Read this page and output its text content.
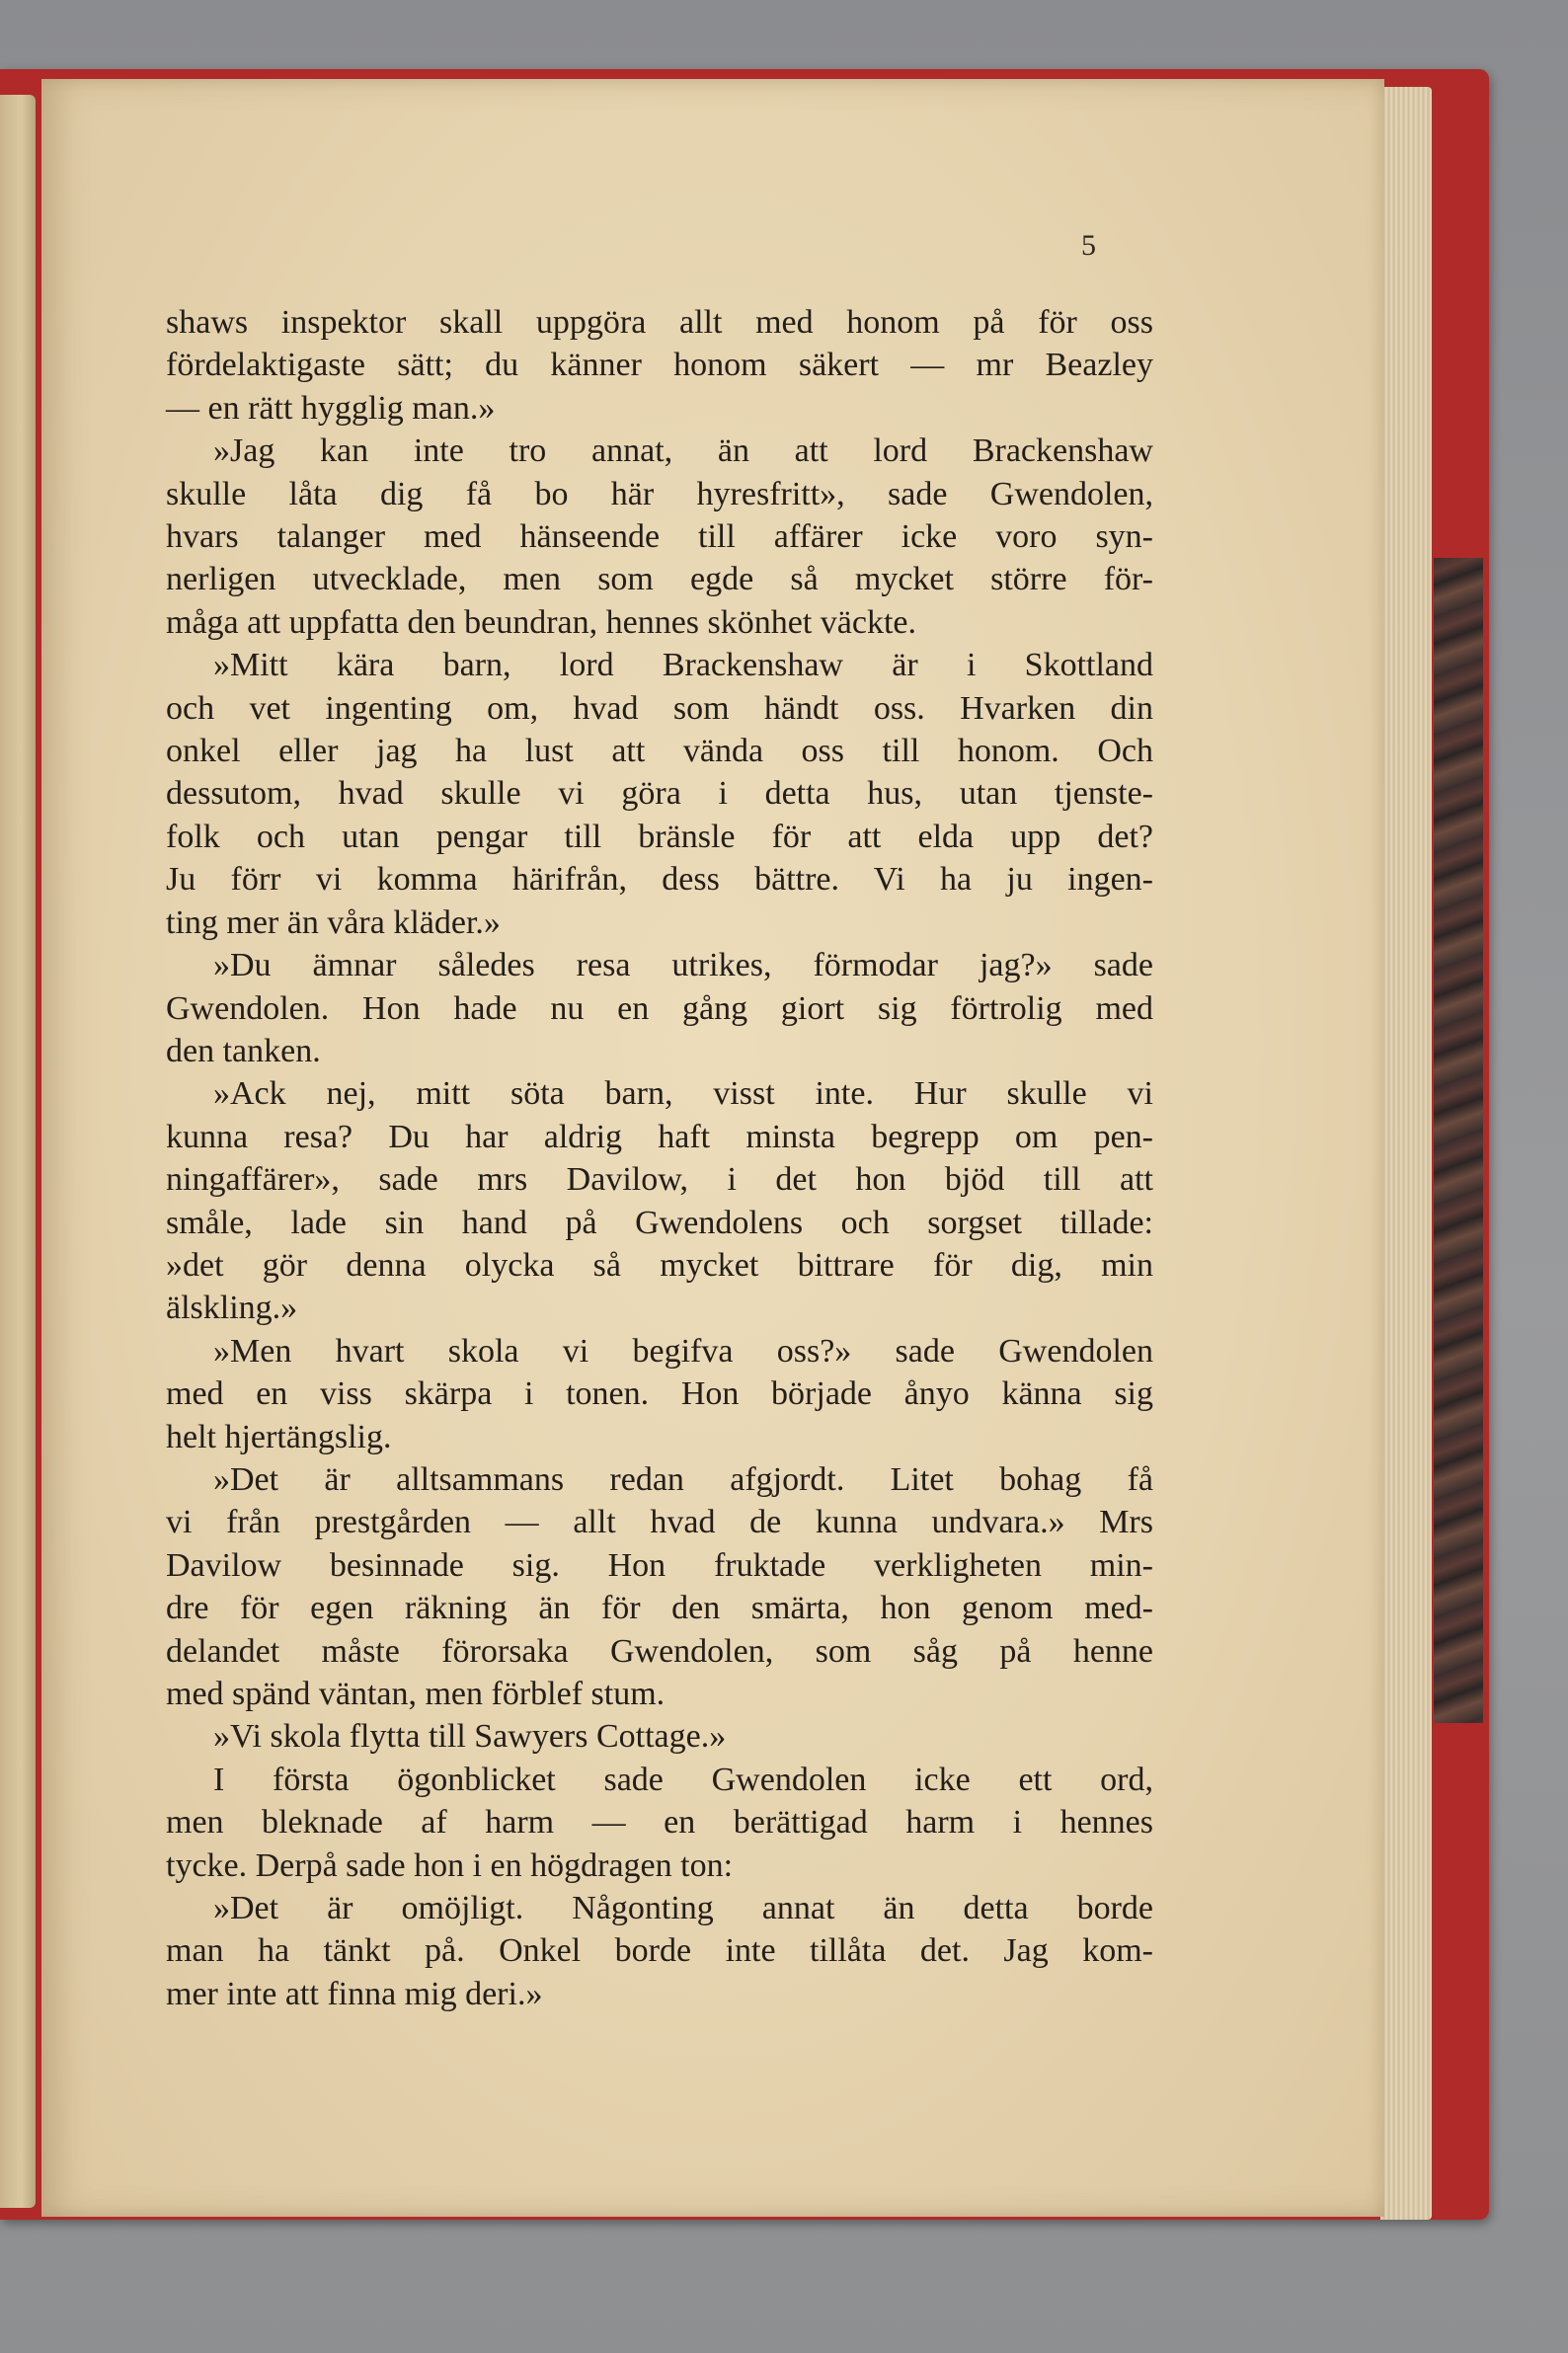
5
shaws inspektor skall uppgöra allt med honom på för oss
fördelaktigaste sätt; du känner honom säkert — mr Beazley
— en rätt hygglig man.»
»Jag kan inte tro annat, än att lord Brackenshaw
skulle låta dig få bo här hyresfritt», sade Gwendolen,
hvars talanger med hänseende till affärer icke voro syn-
nerligen utvecklade, men som egde så mycket större för-
måga att uppfatta den beundran, hennes skönhet väckte.
»Mitt kära barn, lord Brackenshaw är i Skottland
och vet ingenting om, hvad som händt oss. Hvarken din
onkel eller jag ha lust att vända oss till honom. Och
dessutom, hvad skulle vi göra i detta hus, utan tjenste-
folk och utan pengar till bränsle för att elda upp det?
Ju förr vi komma härifrån, dess bättre. Vi ha ju ingen-
ting mer än våra kläder.»
»Du ämnar således resa utrikes, förmodar jag?» sade
Gwendolen. Hon hade nu en gång giort sig förtrolig med
den tanken.
»Ack nej, mitt söta barn, visst inte. Hur skulle vi
kunna resa? Du har aldrig haft minsta begrepp om pen-
ningaffärer», sade mrs Davilow, i det hon bjöd till att
småle, lade sin hand på Gwendolens och sorgset tillade:
»det gör denna olycka så mycket bittrare för dig, min
älskling.»
»Men hvart skola vi begifva oss?» sade Gwendolen
med en viss skärpa i tonen. Hon började ånyo känna sig
helt hjertängslig.
»Det är alltsammans redan afgjordt. Litet bohag få
vi från prestgården — allt hvad de kunna undvara.» Mrs
Davilow besinnade sig. Hon fruktade verkligheten min-
dre för egen räkning än för den smärta, hon genom med-
delandet måste förorsaka Gwendolen, som såg på henne
med spänd väntan, men förblef stum.
»Vi skola flytta till Sawyers Cottage.»
I första ögonblicket sade Gwendolen icke ett ord,
men bleknade af harm — en berättigad harm i hennes
tycke. Derpå sade hon i en högdragen ton:
»Det är omöjligt. Någonting annat än detta borde
man ha tänkt på. Onkel borde inte tillåta det. Jag kom-
mer inte att finna mig deri.»
